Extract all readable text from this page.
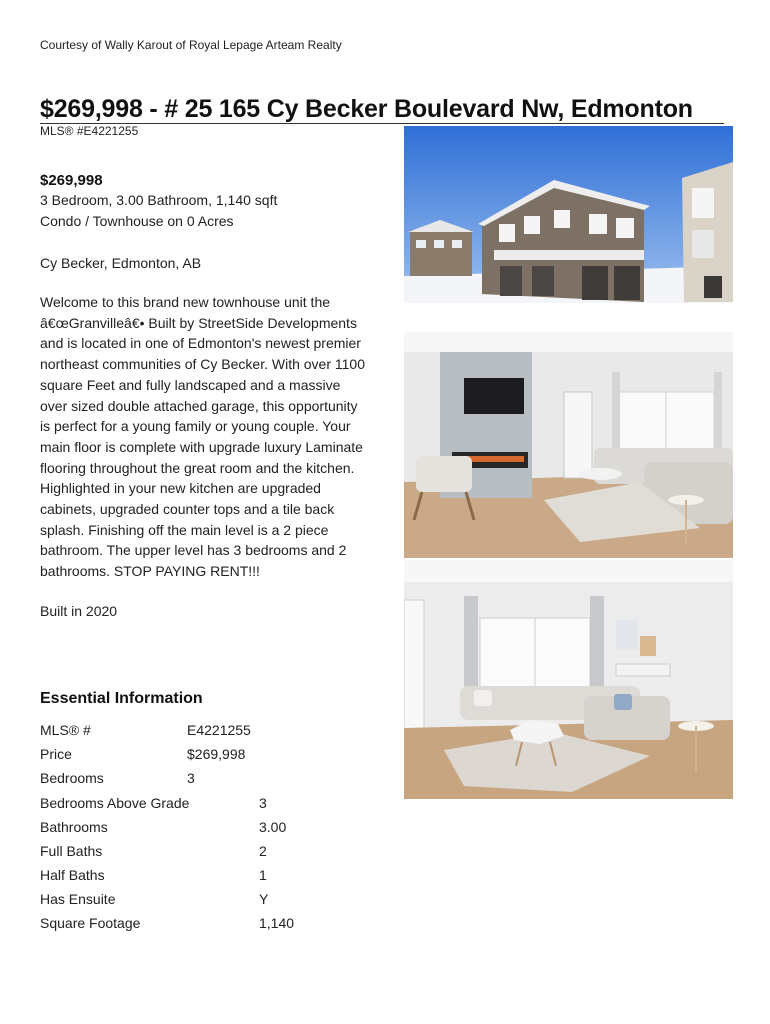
Courtesy of Wally Karout of Royal Lepage Arteam Realty
$269,998 - # 25 165 Cy Becker Boulevard Nw, Edmonton
MLS® #E4221255
$269,998
3 Bedroom, 3.00 Bathroom, 1,140 sqft
Condo / Townhouse on 0 Acres
Cy Becker, Edmonton, AB
Welcome to this brand new townhouse unit the â€œGranvilleâ€• Built by StreetSide Developments and is located in one of Edmonton's newest premier northeast communities of Cy Becker. With over 1100 square Feet and fully landscaped and a massive over sized double attached garage, this opportunity is perfect for a young family or young couple. Your main floor is complete with upgrade luxury Laminate flooring throughout the great room and the kitchen. Highlighted in your new kitchen are upgraded cabinets, upgraded counter tops and a tile back splash. Finishing off the main level is a 2 piece bathroom. The upper level has 3 bedrooms and 2 bathrooms. STOP PAYING RENT!!!
Built in 2020
Essential Information
MLS® #	E4221255
Price	$269,998
Bedrooms	3
Bedrooms Above Grade	3
Bathrooms	3.00
Full Baths	2
Half Baths	1
Has Ensuite	Y
Square Footage	1,140
